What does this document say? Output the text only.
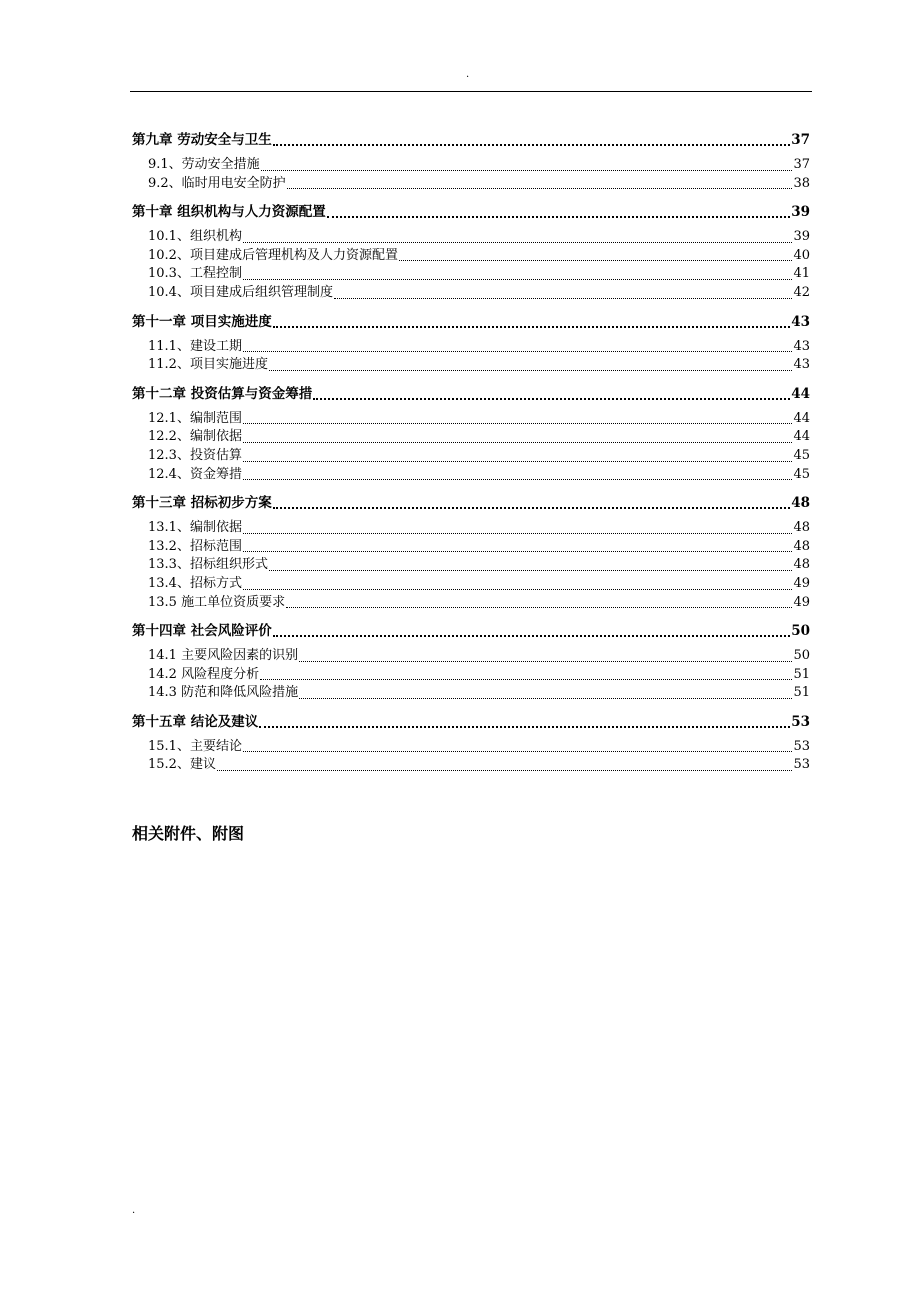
.
第九章 劳动安全与卫生	37
9.1、劳动安全措施	37
9.2、临时用电安全防护	38
第十章 组织机构与人力资源配置	39
10.1、组织机构	39
10.2、项目建成后管理机构及人力资源配置	40
10.3、工程控制	41
10.4、项目建成后组织管理制度	42
第十一章 项目实施进度	43
11.1、建设工期	43
11.2、项目实施进度	43
第十二章 投资估算与资金筹措	44
12.1、编制范围	44
12.2、编制依据	44
12.3、投资估算	45
12.4、资金筹措	45
第十三章 招标初步方案	48
13.1、编制依据	48
13.2、招标范围	48
13.3、招标组织形式	48
13.4、招标方式	49
13.5 施工单位资质要求	49
第十四章 社会风险评价	50
14.1 主要风险因素的识别	50
14.2 风险程度分析	51
14.3 防范和降低风险措施	51
第十五章 结论及建议	53
15.1、主要结论	53
15.2、建议	53
相关附件、附图
.
